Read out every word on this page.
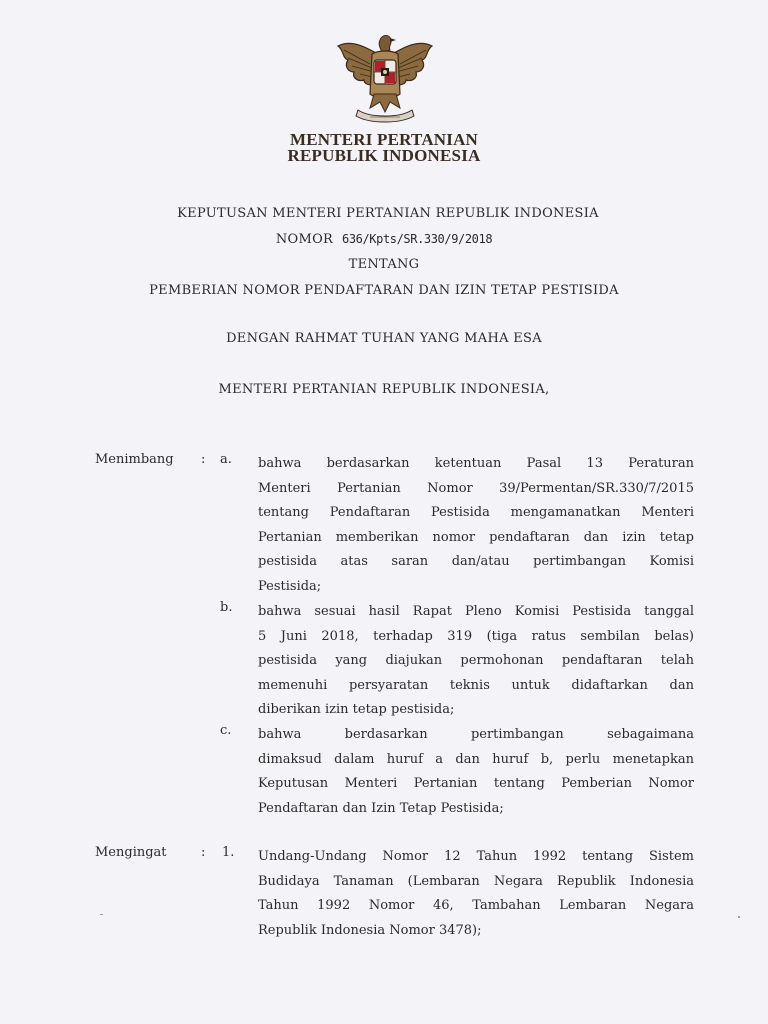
MENTERI PERTANIAN
REPUBLIK INDONESIA
KEPUTUSAN MENTERI PERTANIAN REPUBLIK INDONESIA
NOMOR 636/Kpts/SR.330/9/2018
TENTANG
PEMBERIAN NOMOR PENDAFTARAN DAN IZIN TETAP PESTISIDA
DENGAN RAHMAT TUHAN YANG MAHA ESA
MENTERI PERTANIAN REPUBLIK INDONESIA,
Menimbang : a. bahwa berdasarkan ketentuan Pasal 13 Peraturan
Menteri Pertanian Nomor 39/Permentan/SR.330/7/2015
tentang Pendaftaran Pestisida mengamanatkan Menteri
Pertanian memberikan nomor pendaftaran dan izin tetap
pestisida atas saran dan/atau pertimbangan Komisi
Pestisida;
b. bahwa sesuai hasil Rapat Pleno Komisi Pestisida tanggal
5 Juni 2018, terhadap 319 (tiga ratus sembilan belas)
pestisida yang diajukan permohonan pendaftaran telah
memenuhi persyaratan teknis untuk didaftarkan dan
diberikan izin tetap pestisida;
c. bahwa berdasarkan pertimbangan sebagaimana
dimaksud dalam huruf a dan huruf b, perlu menetapkan
Keputusan Menteri Pertanian tentang Pemberian Nomor
Pendaftaran dan Izin Tetap Pestisida;
Mengingat	: 1. Undang-Undang Nomor 12 Tahun 1992 tentang Sistem
Budidaya Tanaman (Lembaran Negara Republik Indonesia
Tahun 1992 Nomor 46, Tambahan Lembaran Negara
Republik Indonesia Nomor 3478);
